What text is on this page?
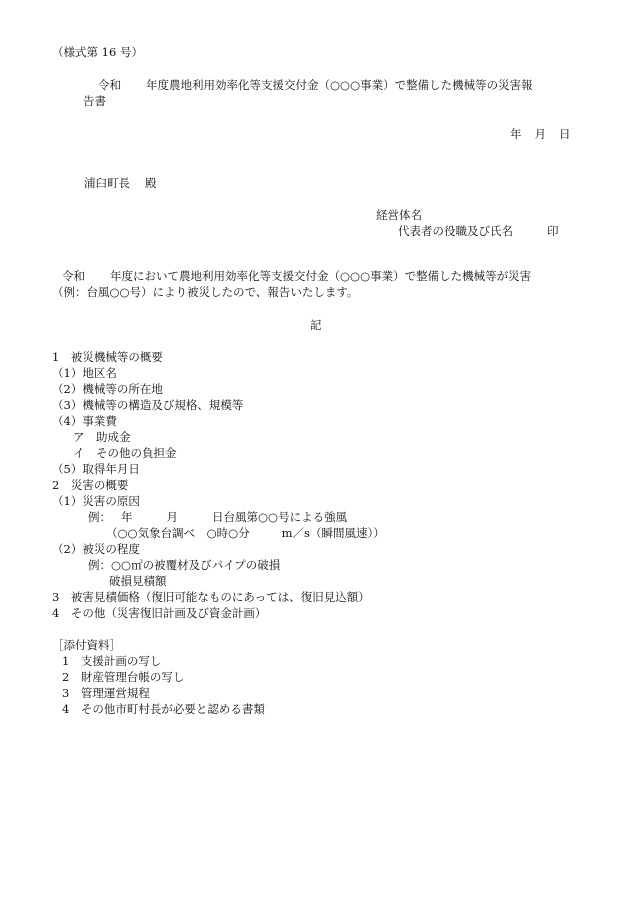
（様式第 16 号）
令和 年度農地利用効率化等支援交付金（○○○事業）で整備した機械等の災害報
告書
年 月 日
浦臼町長 殿
経営体名
代表者の役職及び氏名	印
令和 年度において農地利用効率化等支援交付金（○○○事業）で整備した機械等が災害
（例：台風○○号）により被災したので、報告いたします。
記
1　被災機械等の概要
（1）地区名
（2）機械等の所在地
（3）機械等の構造及び規格、規模等
（4）事業費
ア　助成金
イ　その他の負担金
（5）取得年月日
2　災害の概要
（1）災害の原因
例： 年	月	日台風第○○号による強風
（○○気象台調べ　○時○分	m／s（瞬間風速））
（2）被災の程度
例：○○㎡の被覆材及びパイプの破損
破損見積額
3　被害見積価格（復旧可能なものにあっては、復旧見込額）
4　その他（災害復旧計画及び資金計画）
［添付資料］
1　支援計画の写し
2　財産管理台帳の写し
3　管理運営規程
4　その他市町村長が必要と認める書類
